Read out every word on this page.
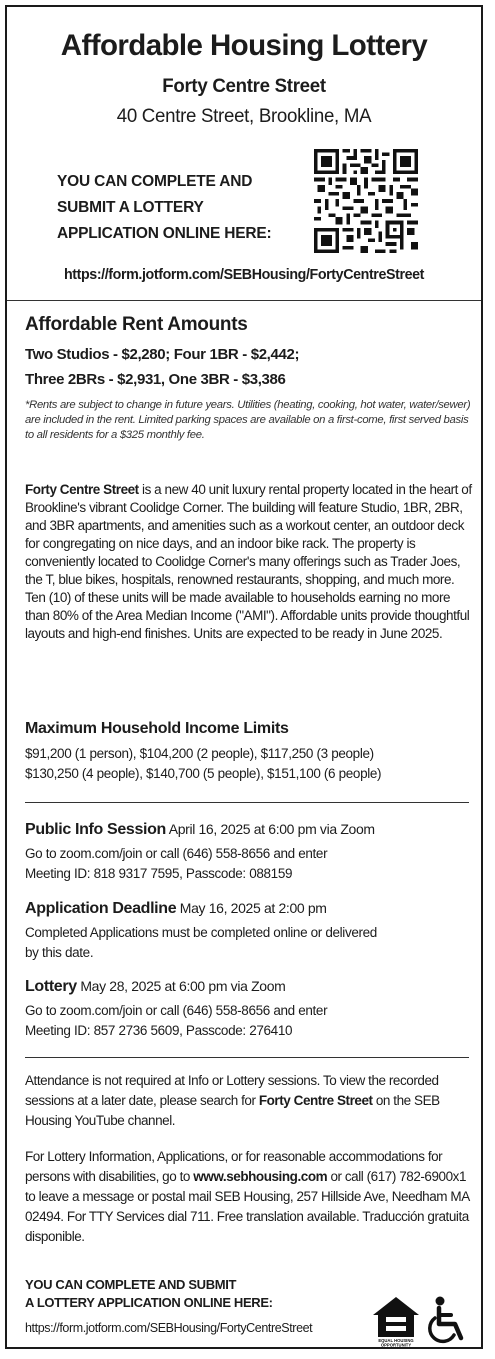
Affordable Housing Lottery
Forty Centre Street
40 Centre Street, Brookline, MA
YOU CAN COMPLETE AND
SUBMIT A LOTTERY
APPLICATION ONLINE HERE:
https://form.jotform.com/SEBHousing/FortyCentreStreet
Affordable Rent Amounts
Two Studios - $2,280; Four 1BR - $2,442;
Three 2BRs - $2,931, One 3BR - $3,386
*Rents are subject to change in future years. Utilities (heating, cooking, hot water, water/sewer) are included in the rent. Limited parking spaces are available on a first-come, first served basis to all residents for a $325 monthly fee.
Forty Centre Street is a new 40 unit luxury rental property located in the heart of Brookline's vibrant Coolidge Corner. The building will feature Studio, 1BR, 2BR, and 3BR apartments, and amenities such as a workout center, an outdoor deck for congregating on nice days, and an indoor bike rack. The property is conveniently located to Coolidge Corner's many offerings such as Trader Joes, the T, blue bikes, hospitals, renowned restaurants, shopping, and much more. Ten (10) of these units will be made available to households earning no more than 80% of the Area Median Income ("AMI"). Affordable units provide thoughtful layouts and high-end finishes. Units are expected to be ready in June 2025.
Maximum Household Income Limits
$91,200 (1 person), $104,200 (2 people), $117,250 (3 people)
$130,250 (4 people), $140,700 (5 people), $151,100 (6 people)
Public Info Session April 16, 2025 at 6:00 pm via Zoom
Go to zoom.com/join or call (646) 558-8656 and enter
Meeting ID: 818 9317 7595, Passcode: 088159
Application Deadline May 16, 2025 at 2:00 pm
Completed Applications must be completed online or delivered
by this date.
Lottery May 28, 2025 at 6:00 pm via Zoom
Go to zoom.com/join or call (646) 558-8656 and enter
Meeting ID: 857 2736 5609, Passcode: 276410
Attendance is not required at Info or Lottery sessions. To view the recorded sessions at a later date, please search for Forty Centre Street on the SEB Housing YouTube channel.
For Lottery Information, Applications, or for reasonable accommodations for persons with disabilities, go to www.sebhousing.com or call (617) 782-6900x1 to leave a message or postal mail SEB Housing, 257 Hillside Ave, Needham MA 02494. For TTY Services dial 711. Free translation available. Traducción gratuita disponible.
YOU CAN COMPLETE AND SUBMIT
A LOTTERY APPLICATION ONLINE HERE:
https://form.jotform.com/SEBHousing/FortyCentreStreet
EQUAL HOUSING
OPPORTUNITY
